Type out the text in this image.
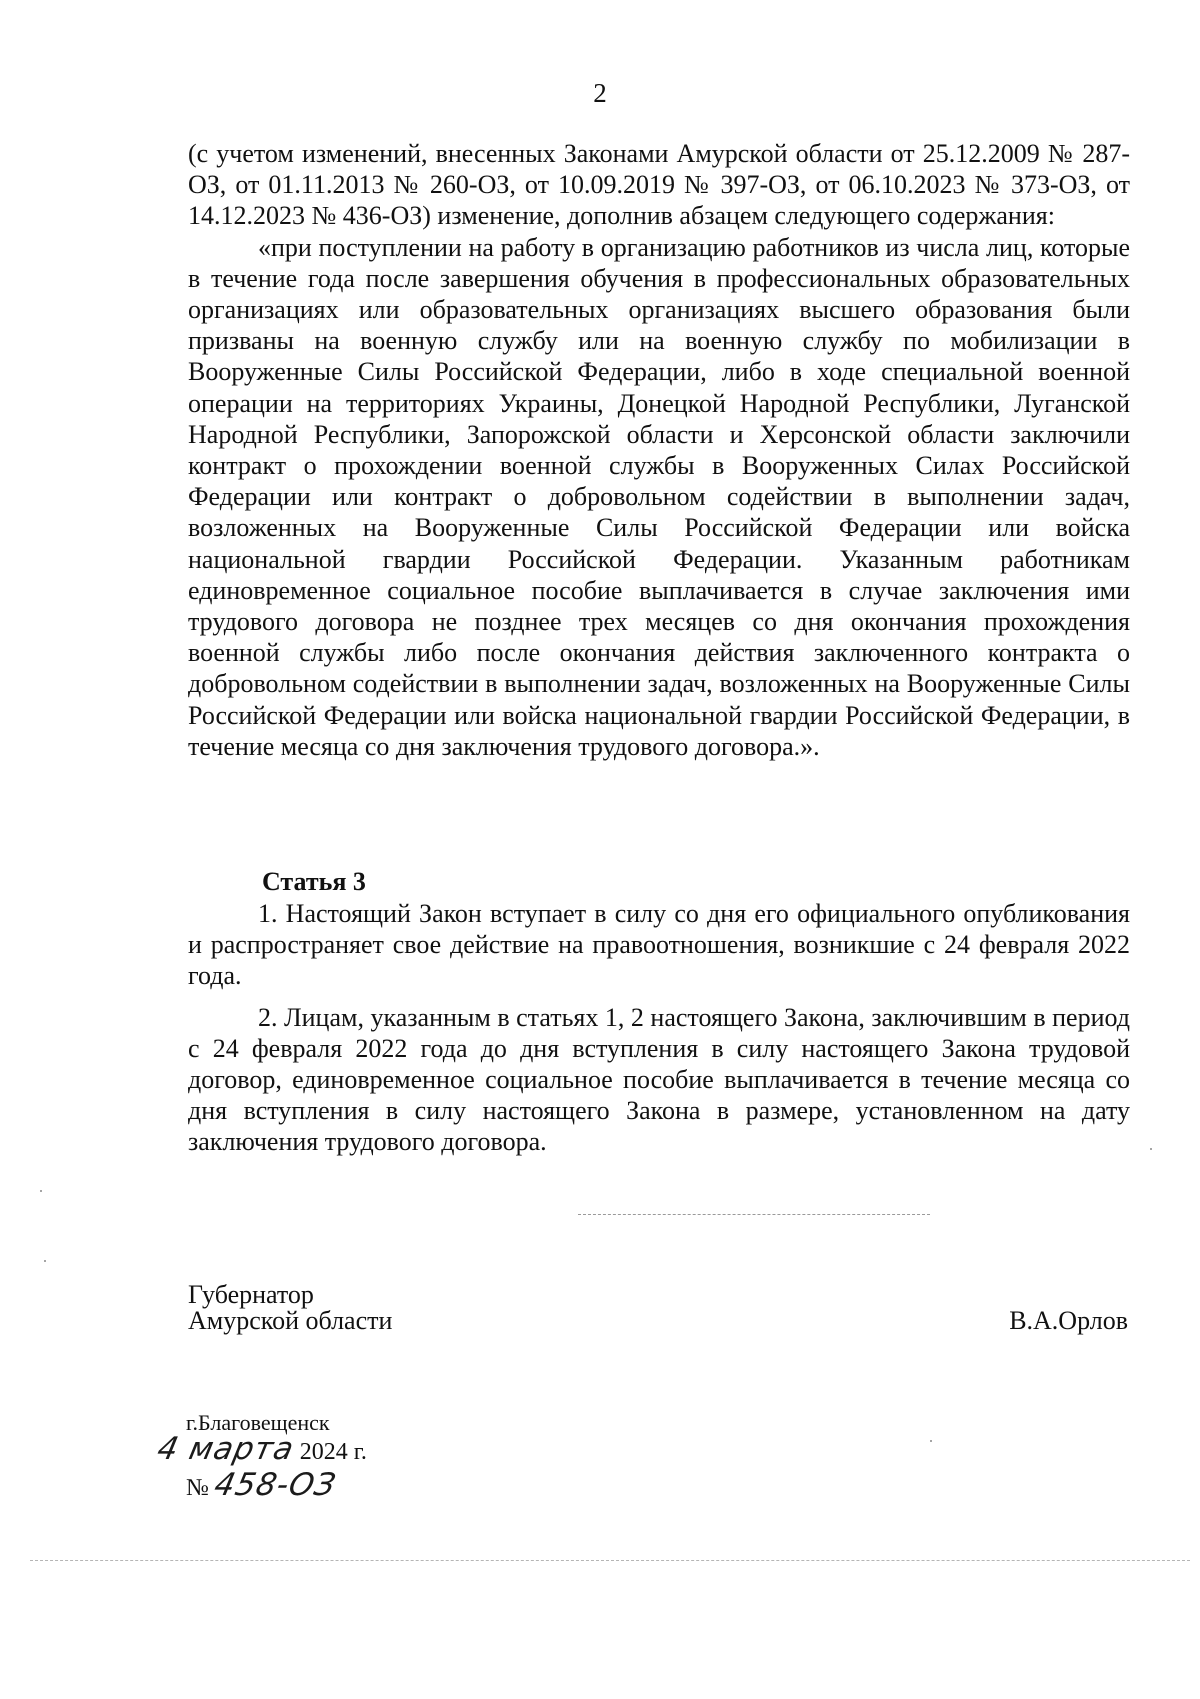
2

(с учетом изменений, внесенных Законами Амурской области от 25.12.2009 № 287-ОЗ, от 01.11.2013 № 260-ОЗ, от 10.09.2019 № 397-ОЗ, от 06.10.2023 № 373-ОЗ, от 14.12.2023 № 436-ОЗ) изменение, дополнив абзацем следующего содержания:

«при поступлении на работу в организацию работников из числа лиц, которые в течение года после завершения обучения в профессиональных образовательных организациях или образовательных организациях высшего образования были призваны на военную службу или на военную службу по мобилизации в Вооруженные Силы Российской Федерации, либо в ходе специальной военной операции на территориях Украины, Донецкой Народной Республики, Луганской Народной Республики, Запорожской области и Херсонской области заключили контракт о прохождении военной службы в Вооруженных Силах Российской Федерации или контракт о добровольном содействии в выполнении задач, возложенных на Вооруженные Силы Российской Федерации или войска национальной гвардии Российской Федерации. Указанным работникам единовременное социальное пособие выплачивается в случае заключения ими трудового договора не позднее трех месяцев со дня окончания прохождения военной службы либо после окончания действия заключенного контракта о добровольном содействии в выполнении задач, возложенных на Вооруженные Силы Российской Федерации или войска национальной гвардии Российской Федерации, в течение месяца со дня заключения трудового договора.».

Статья 3

1. Настоящий Закон вступает в силу со дня его официального опубликования и распространяет свое действие на правоотношения, возникшие с 24 февраля 2022 года.

2. Лицам, указанным в статьях 1, 2 настоящего Закона, заключившим в период с 24 февраля 2022 года до дня вступления в силу настоящего Закона трудовой договор, единовременное социальное пособие выплачивается в течение месяца со дня вступления в силу настоящего Закона в размере, установленном на дату заключения трудового договора.

Губернатор
Амурской области	В.А.Орлов
г.Благовещенск
4 марта 2024 г.
№ 458-ОЗ
